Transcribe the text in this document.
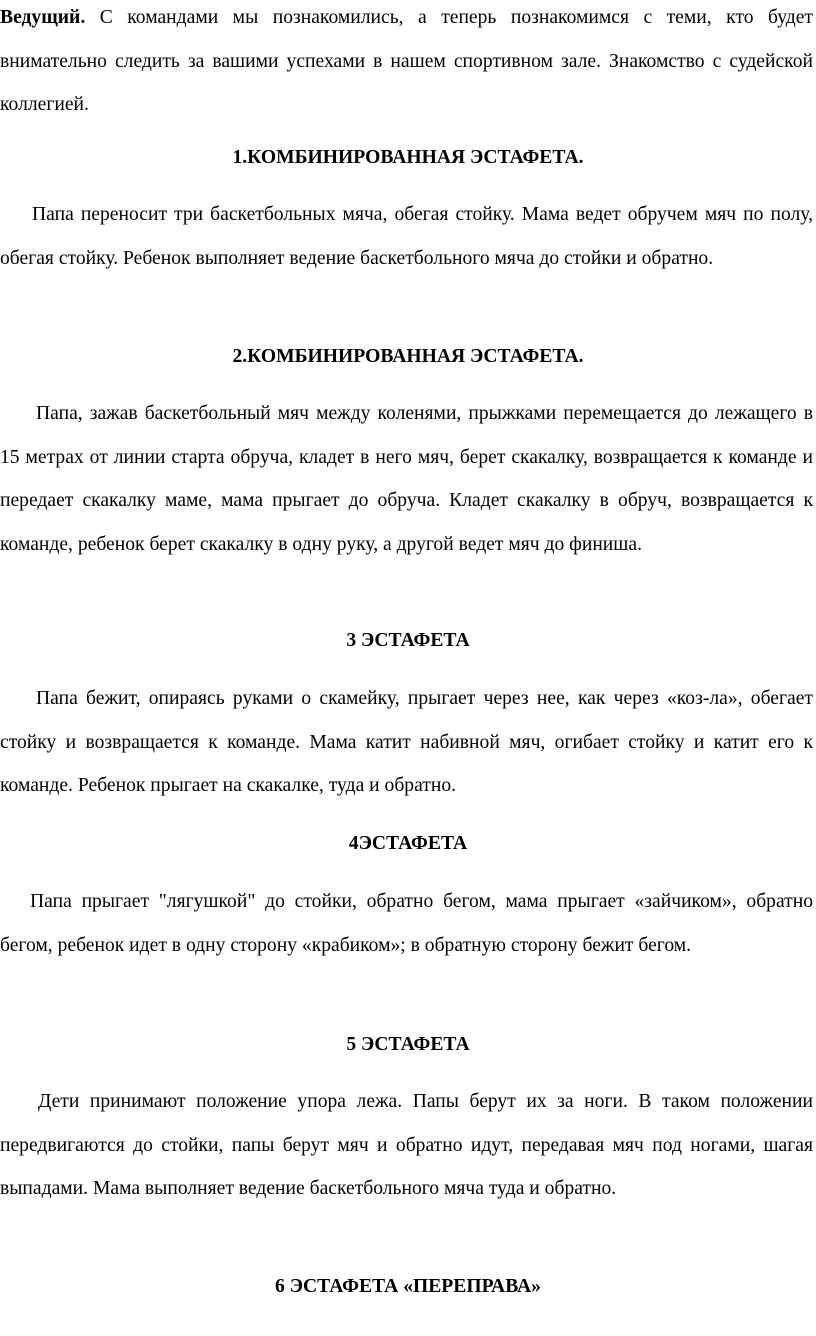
Ведущий. С командами мы познакомились, а теперь познакомимся с теми, кто будет внимательно следить за вашими успехами в нашем спортивном зале. Знакомство с судейской коллегией.

1.КОМБИНИРОВАННАЯ ЭСТАФЕТА.

Папа переносит три баскетбольных мяча, обегая стойку. Мама ведет обручем мяч по полу, обегая стойку. Ребенок выполняет ведение баскетбольного мяча до стойки и обратно.

2.КОМБИНИРОВАННАЯ ЭСТАФЕТА.

Папа, зажав баскетбольный мяч между коленями, прыжками перемещается до лежащего в 15 метрах от линии старта обруча, кладет в него мяч, берет скакалку, возвращается к команде и передает скакалку маме, мама прыгает до обруча. Кладет скакалку в обруч, возвращается к команде, ребенок берет скакалку в одну руку, а другой ведет мяч до финиша.

3 ЭСТАФЕТА

Папа бежит, опираясь руками о скамейку, прыгает через нее, как через «коз-ла», обегает стойку и возвращается к команде. Мама катит набивной мяч, огибает стойку и катит его к команде. Ребенок прыгает на скакалке, туда и обратно.

4ЭСТАФЕТА

Папа прыгает "лягушкой" до стойки, обратно бегом, мама прыгает «зайчиком», обратно бегом, ребенок идет в одну сторону «крабиком»; в обратную сторону бежит бегом.

5 ЭСТАФЕТА

Дети принимают положение упора лежа. Папы берут их за ноги. В таком положении передвигаются до стойки, папы берут мяч и обратно идут, передавая мяч под ногами, шагая выпадами. Мама выполняет ведение баскетбольного мяча туда и обратно.

6 ЭСТАФЕТА «ПЕРЕПРАВА»
